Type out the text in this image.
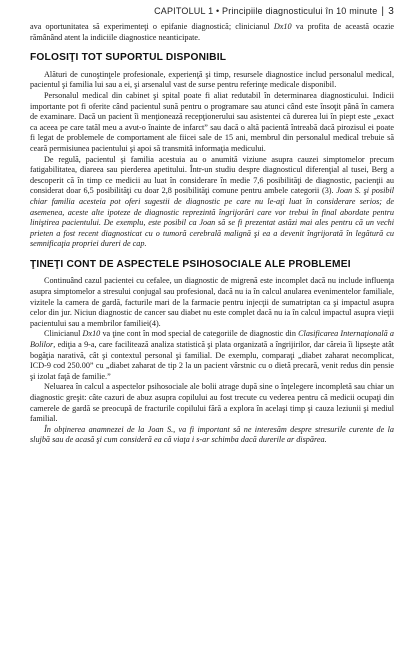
CAPITOLUL 1 • Principiile diagnosticului în 10 minute | 3

ava oportunitatea să experimenteţi o epifanie diagnostică; clinicianul Dx10 va profita de această ocazie rămânând atent la indiciile diagnostice neanticipate.

FOLOSIŢI TOT SUPORTUL DISPONIBIL

Alături de cunoştinţele profesionale, experienţă şi timp, resursele diagnostice includ personalul medical, pacientul şi familia lui sau a ei, şi arsenalul vast de surse pentru referinţe medicale disponibil.

Personalul medical din cabinet şi spital poate fi aliat redutabil în determinarea diagnosticului. Indicii importante pot fi oferite când pacientul sună pentru o programare sau atunci când este însoţit până în camera de examinare. Dacă un pacient îi menţionează recepţionerului sau asistentei că durerea lui în piept este „exact ca aceea pe care tatăl meu a avut-o înainte de infarct” sau dacă o altă pacientă întreabă dacă pirozisul ei poate fi legat de problemele de comportament ale fiicei sale de 15 ani, membrul din personalul medical trebuie să ceară permisiunea pacientului şi apoi să transmită informaţia medicului.

De regulă, pacientul şi familia acestuia au o anumită viziune asupra cauzei simptomelor precum fatigabilitatea, diareea sau pierderea apetitului. Într-un studiu despre diagnosticul diferenţial al tusei, Berg a descoperit că în timp ce medicii au luat în considerare în medie 7,6 posibilităţi de diagnostic, pacienţii au considerat doar 6,5 posibilităţi cu doar 2,8 posibilităţi comune pentru ambele categorii (3). Joan S. şi posibil chiar familia acesteia pot oferi sugestii de diagnostic pe care nu le-aţi luat în considerare serios; de asemenea, aceste alte ipoteze de diagnostic reprezintă îngrijorări care vor trebui în final abordate pentru liniştirea pacientului. De exemplu, este posibil ca Joan să se fi prezentat astăzi mai ales pentru că un vechi prieten a fost recent diagnosticat cu o tumoră cerebrală malignă şi ea a devenit îngrijorată în legătură cu semnificaţia propriei dureri de cap.

ŢINEŢI CONT DE ASPECTELE PSIHOSOCIALE ALE PROBLEMEI

Continuând cazul pacientei cu cefalee, un diagnostic de migrenă este incomplet dacă nu include influenţa asupra simptomelor a stresului conjugal sau profesional, dacă nu ia în calcul anularea evenimentelor familiale, vizitele la camera de gardă, facturile mari de la farmacie pentru injecţii de sumatriptan ca şi impactul asupra celor din jur. Niciun diagnostic de cancer sau diabet nu este complet dacă nu ia în calcul impactul asupra vieţii pacientului sau a membrilor familiei(4).

Clinicianul Dx10 va ţine cont în mod special de categoriile de diagnostic din Clasificarea Internaţională a Bolilor, ediţia a 9-a, care facilitează analiza statistică şi plata organizată a îngrijirilor, dar căreia îi lipseşte atât bogăţia narativă, cât şi contextul personal şi familial. De exemplu, comparaţi „diabet zaharat necomplicat, ICD-9 cod 250.00” cu „diabet zaharat de tip 2 la un pacient vârstnic cu o dietă precară, venit redus din pensie şi izolat faţă de familie.”

Neluarea în calcul a aspectelor psihosociale ale bolii atrage după sine o înţelegere incompletă sau chiar un diagnostic greşit: câte cazuri de abuz asupra copilului au fost trecute cu vederea pentru că medicii ocupaţi din camerele de gardă se preocupă de fracturile copilului fără a explora în acelaşi timp şi cauza leziunii şi mediul familial.

În obţinerea anamnezei de la Joan S., va fi important să ne interesăm despre stresurile curente de la slujbă sau de acasă şi cum consideră ea că viaţa i s-ar schimba dacă durerile ar dispărea.
